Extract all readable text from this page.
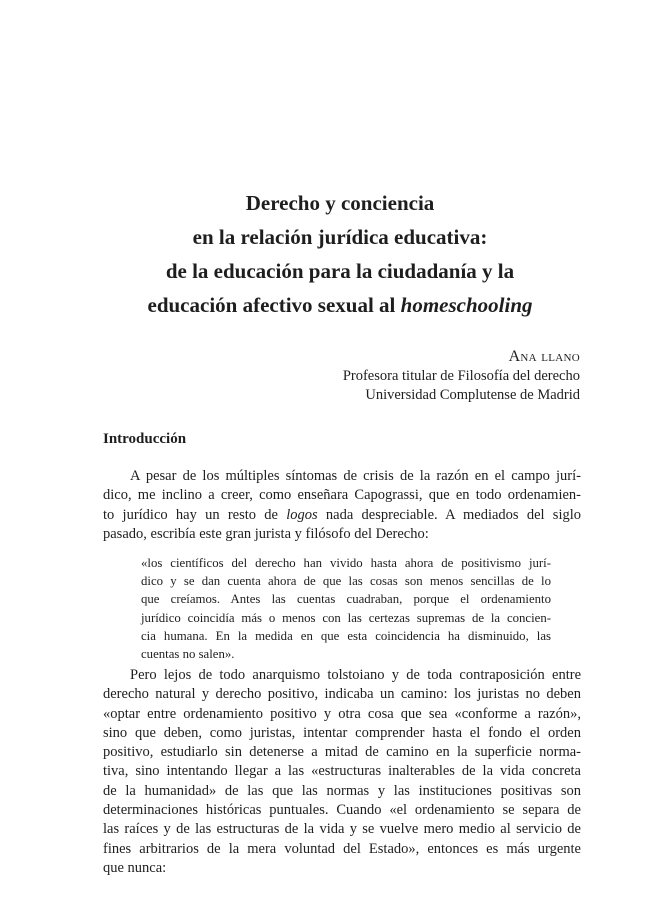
Derecho y conciencia
en la relación jurídica educativa:
de la educación para la ciudadanía y la
educación afectivo sexual al homeschooling
Ana llano
Profesora titular de Filosofía del derecho
Universidad Complutense de Madrid
Introducción

A pesar de los múltiples síntomas de crisis de la razón en el campo jurí-
dico, me inclino a creer, como enseñara Capograssi, que en todo ordenamien-
to jurídico hay un resto de logos nada despreciable. A mediados del siglo
pasado, escribía este gran jurista y filósofo del Derecho:

«los científicos del derecho han vivido hasta ahora de positivismo jurí-
dico y se dan cuenta ahora de que las cosas son menos sencillas de lo
que creíamos. Antes las cuentas cuadraban, porque el ordenamiento
jurídico coincidía más o menos con las certezas supremas de la concien-
cia humana. En la medida en que esta coincidencia ha disminuido, las
cuentas no salen».

Pero lejos de todo anarquismo tolstoiano y de toda contraposición entre
derecho natural y derecho positivo, indicaba un camino: los juristas no deben
«optar entre ordenamiento positivo y otra cosa que sea «conforme a razón»,
sino que deben, como juristas, intentar comprender hasta el fondo el orden
positivo, estudiarlo sin detenerse a mitad de camino en la superficie norma-
tiva, sino intentando llegar a las «estructuras inalterables de la vida concreta
de la humanidad» de las que las normas y las instituciones positivas son
determinaciones históricas puntuales. Cuando «el ordenamiento se separa de
las raíces y de las estructuras de la vida y se vuelve mero medio al servicio de
fines arbitrarios de la mera voluntad del Estado», entonces es más urgente
que nunca:
